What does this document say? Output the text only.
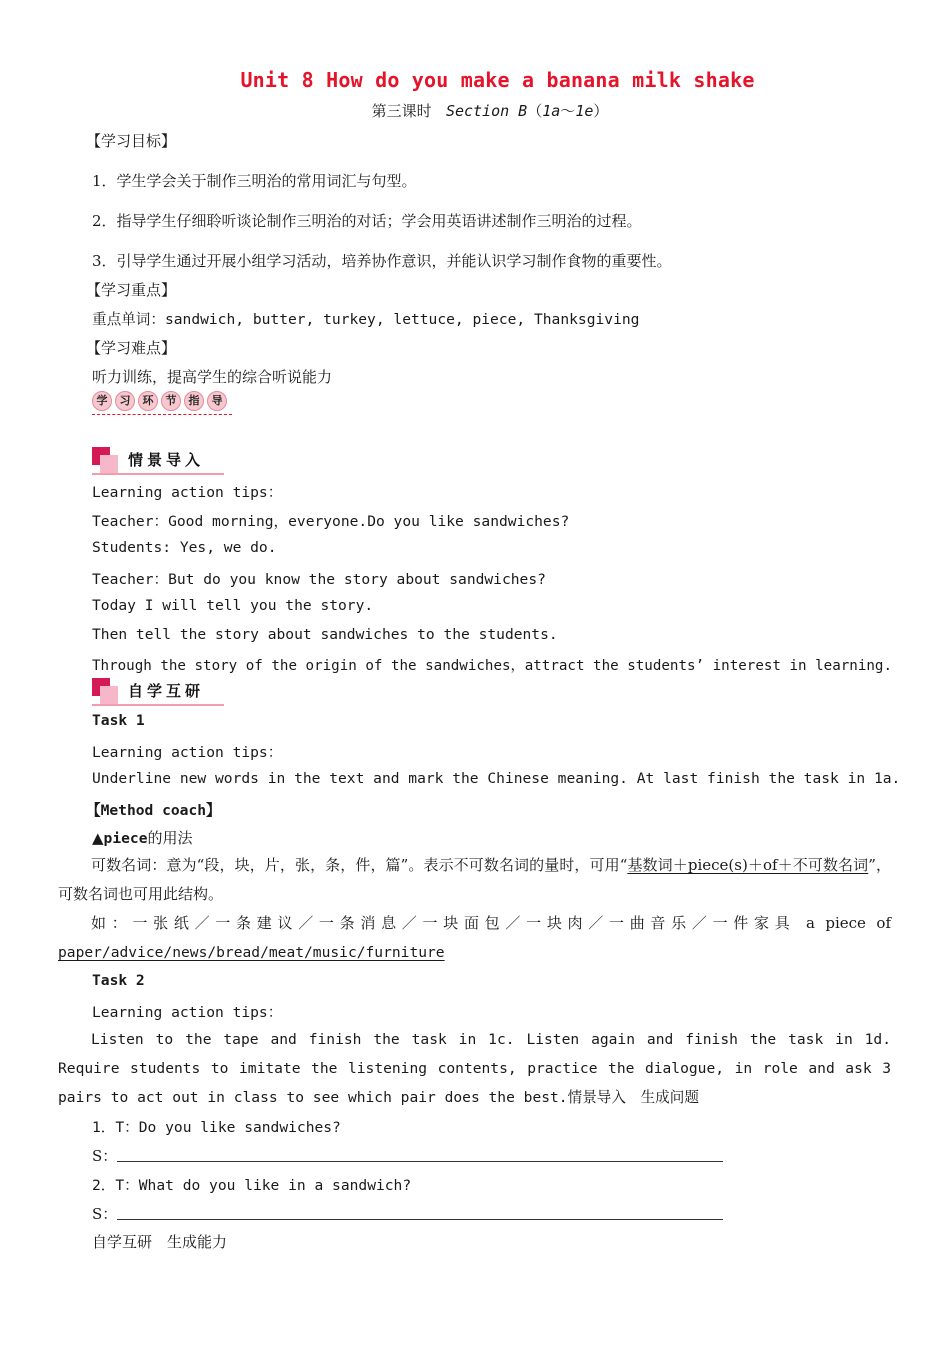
Unit 8 How do you make a banana milk shake
第三课时 Section B（1a～1e）
【学习目标】
1．学生学会关于制作三明治的常用词汇与句型。
2．指导学生仔细聆听谈论制作三明治的对话；学会用英语讲述制作三明治的过程。
3．引导学生通过开展小组学习活动，培养协作意识，并能认识学习制作食物的重要性。
【学习重点】
重点单词：sandwich, butter, turkey, lettuce, piece, Thanksgiving
【学习难点】
听力训练，提高学生的综合听说能力
学 习 环 节 指 导
情景导入
Learning action tips：
Teacher：Good morning，everyone.Do you like sandwiches?
Students: Yes, we do.
Teacher：But do you know the story about sandwiches?
Today I will tell you the story.
Then tell the story about sandwiches to the students.
Through the story of the origin of the sandwiches，attract the students’ interest in learning.
自学互研
Task 1
Learning action tips：
Underline new words in the text and mark the Chinese meaning. At last finish the task in 1a.
【Method coach】
▲piece的用法
可数名词：意为“段，块，片，张，条，件，篇”。表示不可数名词的量时，可用“基数词＋piece(s)＋of＋不可数名词”，可数名词也可用此结构。
如：一张纸／一条建议／一条消息／一块面包／一块肉／一曲音乐／一件家具 a piece of paper/advice/news/bread/meat/music/furniture
Task 2
Learning action tips：
Listen to the tape and finish the task in 1c. Listen again and finish the task in 1d. Require students to imitate the listening contents, practice the dialogue, in role and ask 3 pairs to act out in class to see which pair does the best.情景导入　生成问题
1．T：Do you like sandwiches?
S：
2．T：What do you like in a sandwich?
S：
自学互研　生成能力
